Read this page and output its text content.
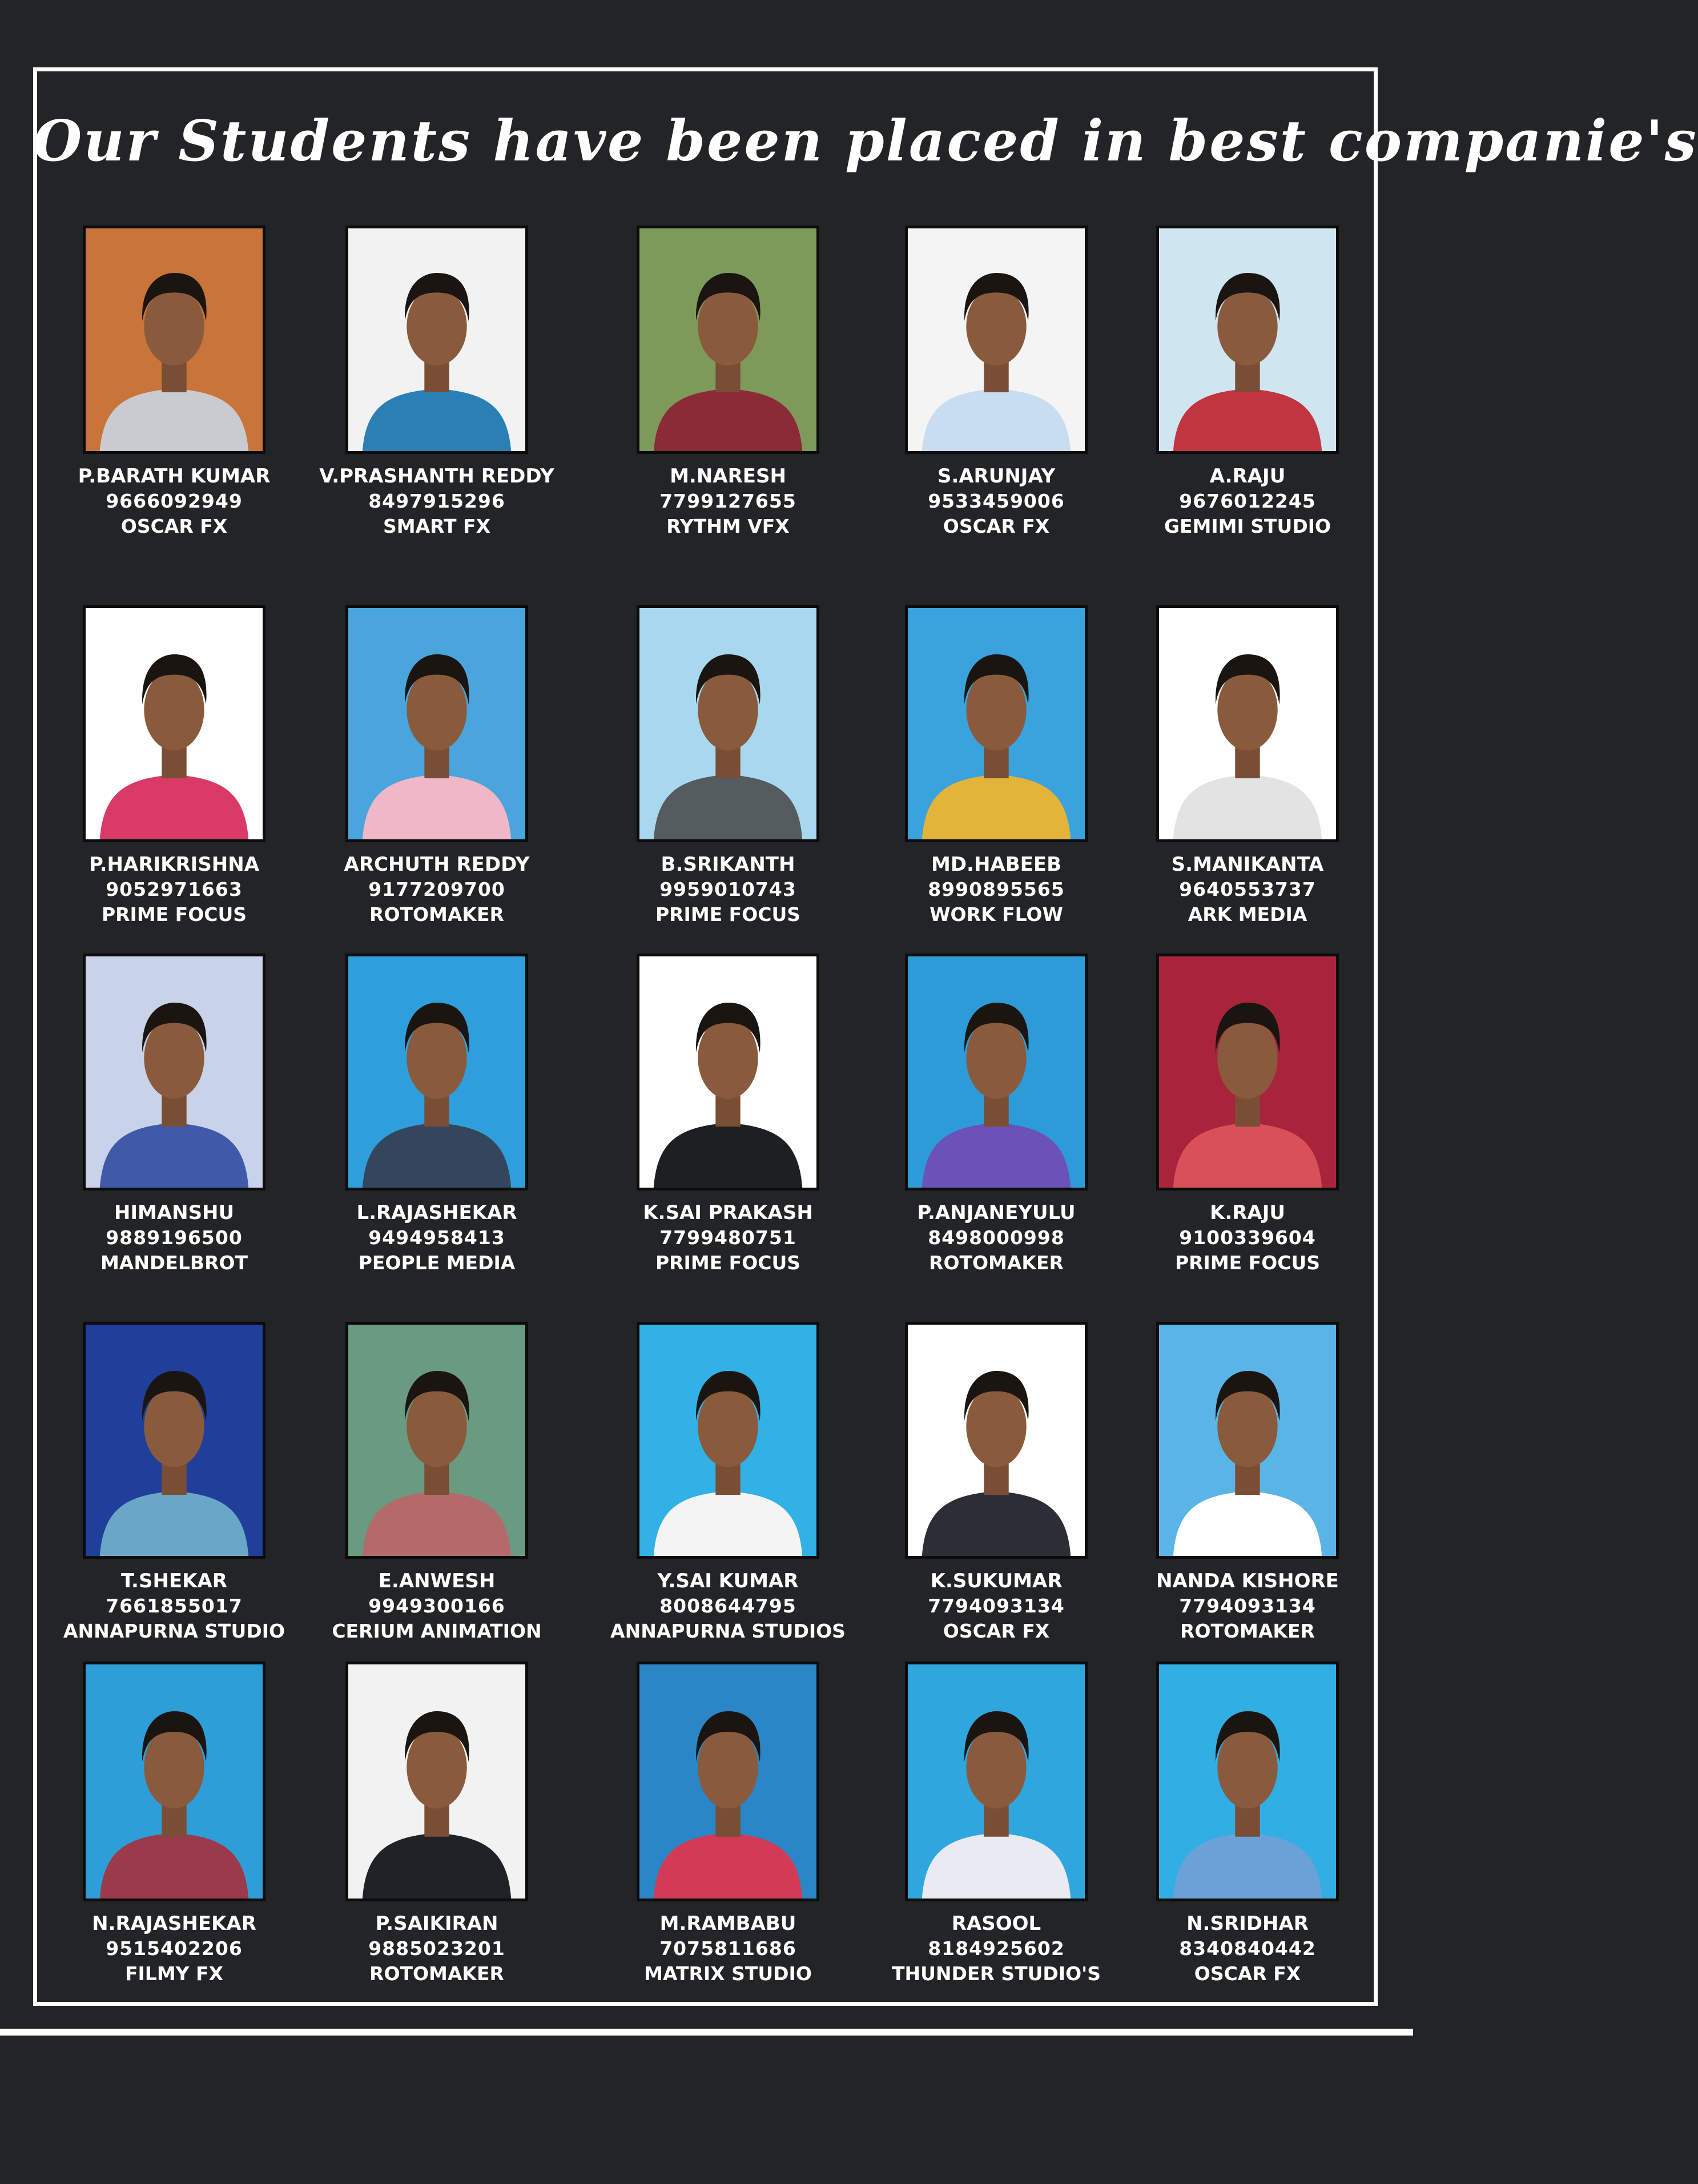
Our Students have been placed in best companie's
P.BARATH KUMAR
9666092949
OSCAR FX
V.PRASHANTH REDDY
8497915296
SMART FX
M.NARESH
7799127655
RYTHM VFX
S.ARUNJAY
9533459006
OSCAR FX
A.RAJU
9676012245
GEMIMI STUDIO
P.HARIKRISHNA
9052971663
PRIME FOCUS
ARCHUTH REDDY
9177209700
ROTOMAKER
B.SRIKANTH
9959010743
PRIME FOCUS
MD.HABEEB
8990895565
WORK FLOW
S.MANIKANTA
9640553737
ARK MEDIA
HIMANSHU
9889196500
MANDELBROT
L.RAJASHEKAR
9494958413
PEOPLE MEDIA
K.SAI PRAKASH
7799480751
PRIME FOCUS
P.ANJANEYULU
8498000998
ROTOMAKER
K.RAJU
9100339604
PRIME FOCUS
T.SHEKAR
7661855017
ANNAPURNA STUDIO
E.ANWESH
9949300166
CERIUM ANIMATION
Y.SAI KUMAR
8008644795
ANNAPURNA STUDIOS
K.SUKUMAR
7794093134
OSCAR FX
NANDA KISHORE
7794093134
ROTOMAKER
N.RAJASHEKAR
9515402206
FILMY FX
P.SAIKIRAN
9885023201
ROTOMAKER
M.RAMBABU
7075811686
MATRIX STUDIO
RASOOL
8184925602
THUNDER STUDIO'S
N.SRIDHAR
8340840442
OSCAR FX
